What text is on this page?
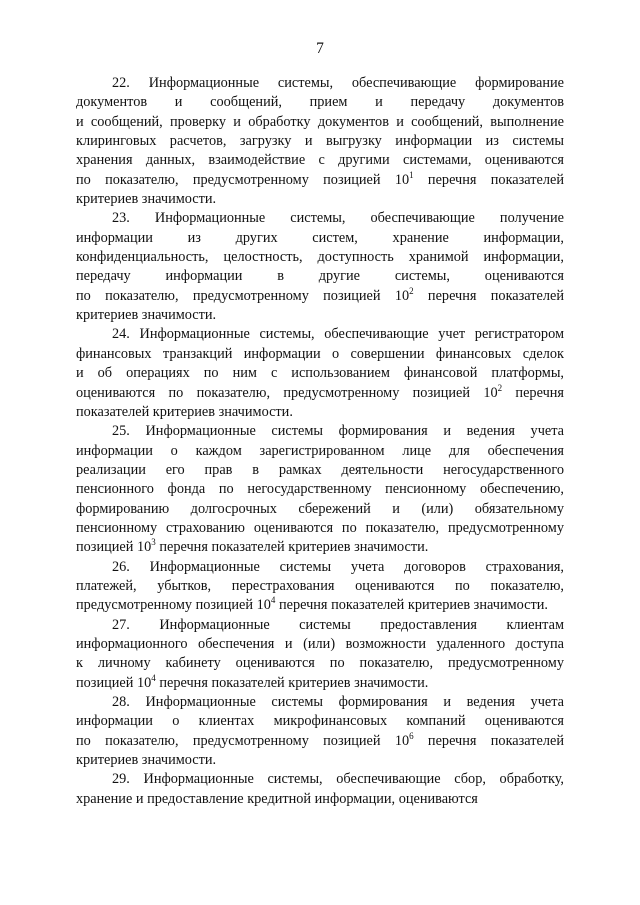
7
22. Информационные системы, обеспечивающие формирование
документов и сообщений, прием и передачу документов
и сообщений, проверку и обработку документов и сообщений, выполнение
клиринговых расчетов, загрузку и выгрузку информации из системы
хранения данных, взаимодействие с другими системами, оцениваются
по показателю, предусмотренному позицией $10^1$ перечня показателей
критериев значимости.
23. Информационные системы, обеспечивающие получение
информации из других систем, хранение информации,
конфиденциальность, целостность, доступность хранимой информации,
передачу информации в другие системы, оцениваются
по показателю, предусмотренному позицией $10^2$ перечня показателей
критериев значимости.
24. Информационные системы, обеспечивающие учет регистратором
финансовых транзакций информации о совершении финансовых сделок
и об операциях по ним с использованием финансовой платформы,
оцениваются по показателю, предусмотренному позицией $10^2$ перечня
показателей критериев значимости.
25. Информационные системы формирования и ведения учета
информации о каждом зарегистрированном лице для обеспечения
реализации его прав в рамках деятельности негосударственного
пенсионного фонда по негосударственному пенсионному обеспечению,
формированию долгосрочных сбережений и (или) обязательному
пенсионному страхованию оцениваются по показателю, предусмотренному
позицией $10^3$ перечня показателей критериев значимости.
26. Информационные системы учета договоров страхования,
платежей, убытков, перестрахования оцениваются по показателю,
предусмотренному позицией $10^4$ перечня показателей критериев значимости.
27. Информационные системы предоставления клиентам
информационного обеспечения и (или) возможности удаленного доступа
к личному кабинету оцениваются по показателю, предусмотренному
позицией $10^4$ перечня показателей критериев значимости.
28. Информационные системы формирования и ведения учета
информации о клиентах микрофинансовых компаний оцениваются
по показателю, предусмотренному позицией $10^6$ перечня показателей
критериев значимости.
29. Информационные системы, обеспечивающие сбор, обработку,
хранение и предоставление кредитной информации, оцениваются
